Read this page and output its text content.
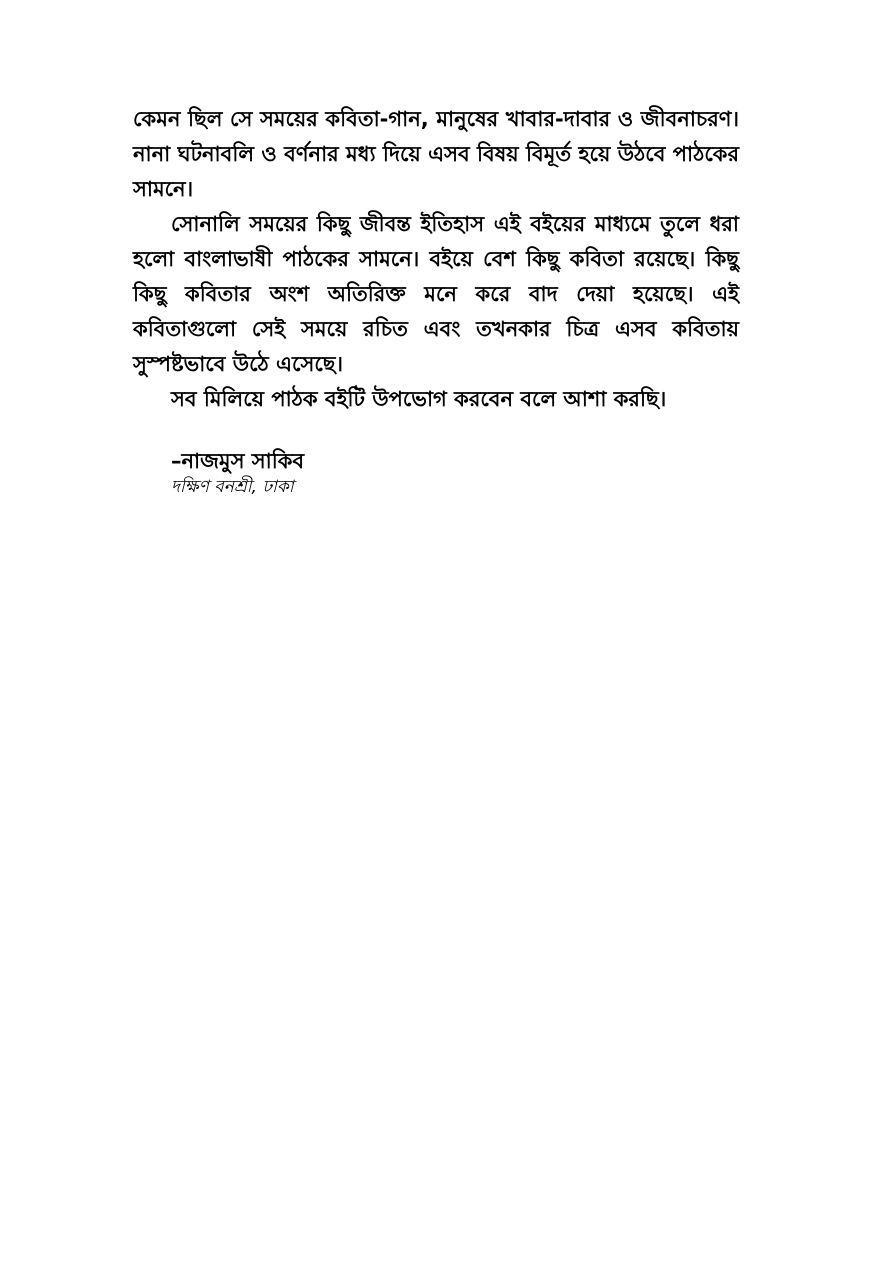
কেমন ছিল সে সময়ের কবিতা-গান, মানুষের খাবার-দাবার ও জীবনাচরণ। নানা ঘটনাবলি ও বর্ণনার মধ্য দিয়ে এসব বিষয় বিমূর্ত হয়ে উঠবে পাঠকের সামনে।

সোনালি সময়ের কিছু জীবন্ত ইতিহাস এই বইয়ের মাধ্যমে তুলে ধরা হলো বাংলাভাষী পাঠকের সামনে। বইয়ে বেশ কিছু কবিতা রয়েছে। কিছু কিছু কবিতার অংশ অতিরিক্ত মনে করে বাদ দেয়া হয়েছে। এই কবিতাগুলো সেই সময়ে রচিত এবং তখনকার চিত্র এসব কবিতায় সুস্পষ্টভাবে উঠে এসেছে।

সব মিলিয়ে পাঠক বইটি উপভোগ করবেন বলে আশা করছি।

–নাজমুস সাকিব
দক্ষিণ বনশ্রী, ঢাকা
